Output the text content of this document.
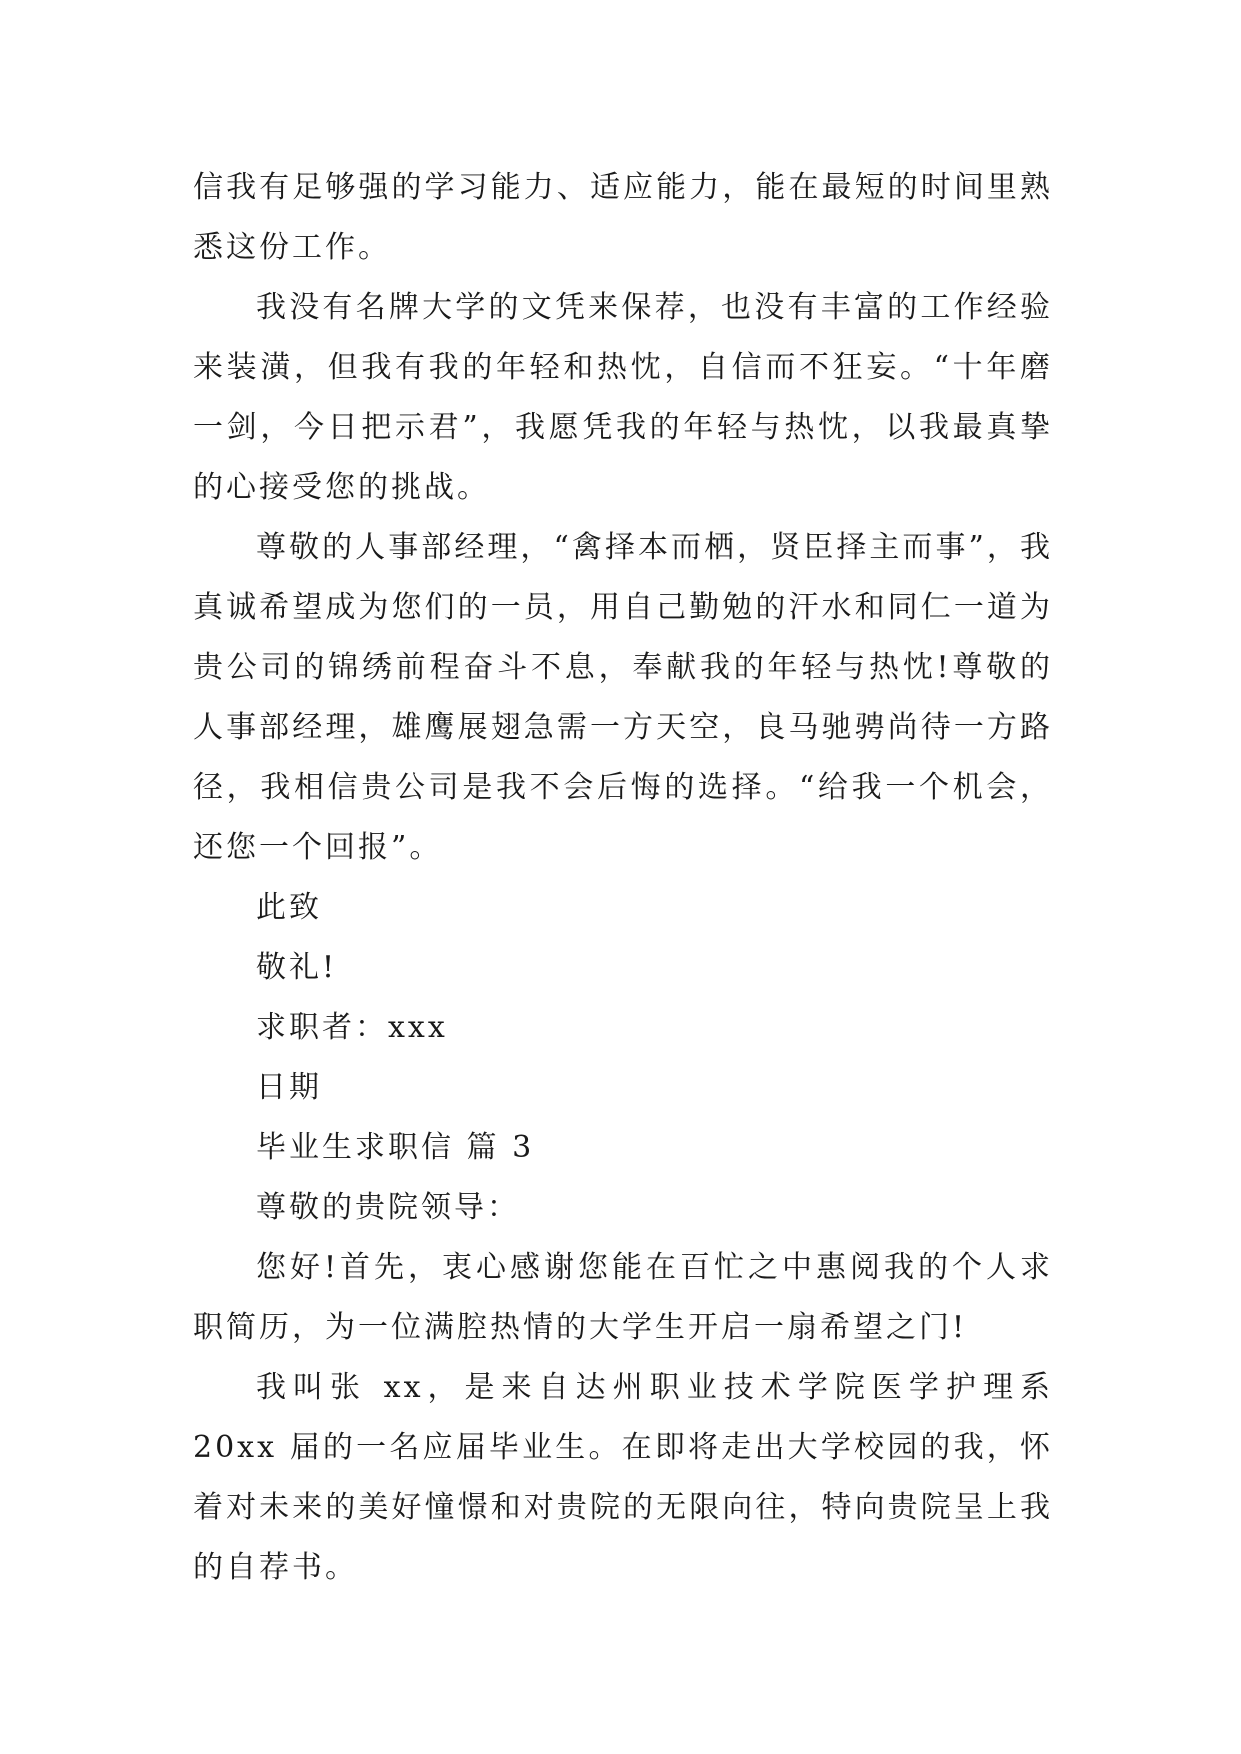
信我有足够强的学习能力、适应能力，能在最短的时间里熟悉这份工作。

我没有名牌大学的文凭来保荐，也没有丰富的工作经验来装潢，但我有我的年轻和热忱，自信而不狂妄。“十年磨一剑，今日把示君”，我愿凭我的年轻与热忱，以我最真挚的心接受您的挑战。

尊敬的人事部经理，“禽择本而栖，贤臣择主而事”，我真诚希望成为您们的一员，用自己勤勉的汗水和同仁一道为贵公司的锦绣前程奋斗不息，奉献我的年轻与热忱!尊敬的人事部经理，雄鹰展翅急需一方天空，良马驰骋尚待一方路径，我相信贵公司是我不会后悔的选择。“给我一个机会，还您一个回报”。

此致

敬礼!

求职者：xxx

日期

毕业生求职信 篇 3

尊敬的贵院领导：

您好!首先，衷心感谢您能在百忙之中惠阅我的个人求职简历，为一位满腔热情的大学生开启一扇希望之门!

我叫张 xx，是来自达州职业技术学院医学护理系 20xx 届的一名应届毕业生。在即将走出大学校园的我，怀着对未来的美好憧憬和对贵院的无限向往，特向贵院呈上我的自荐书。
